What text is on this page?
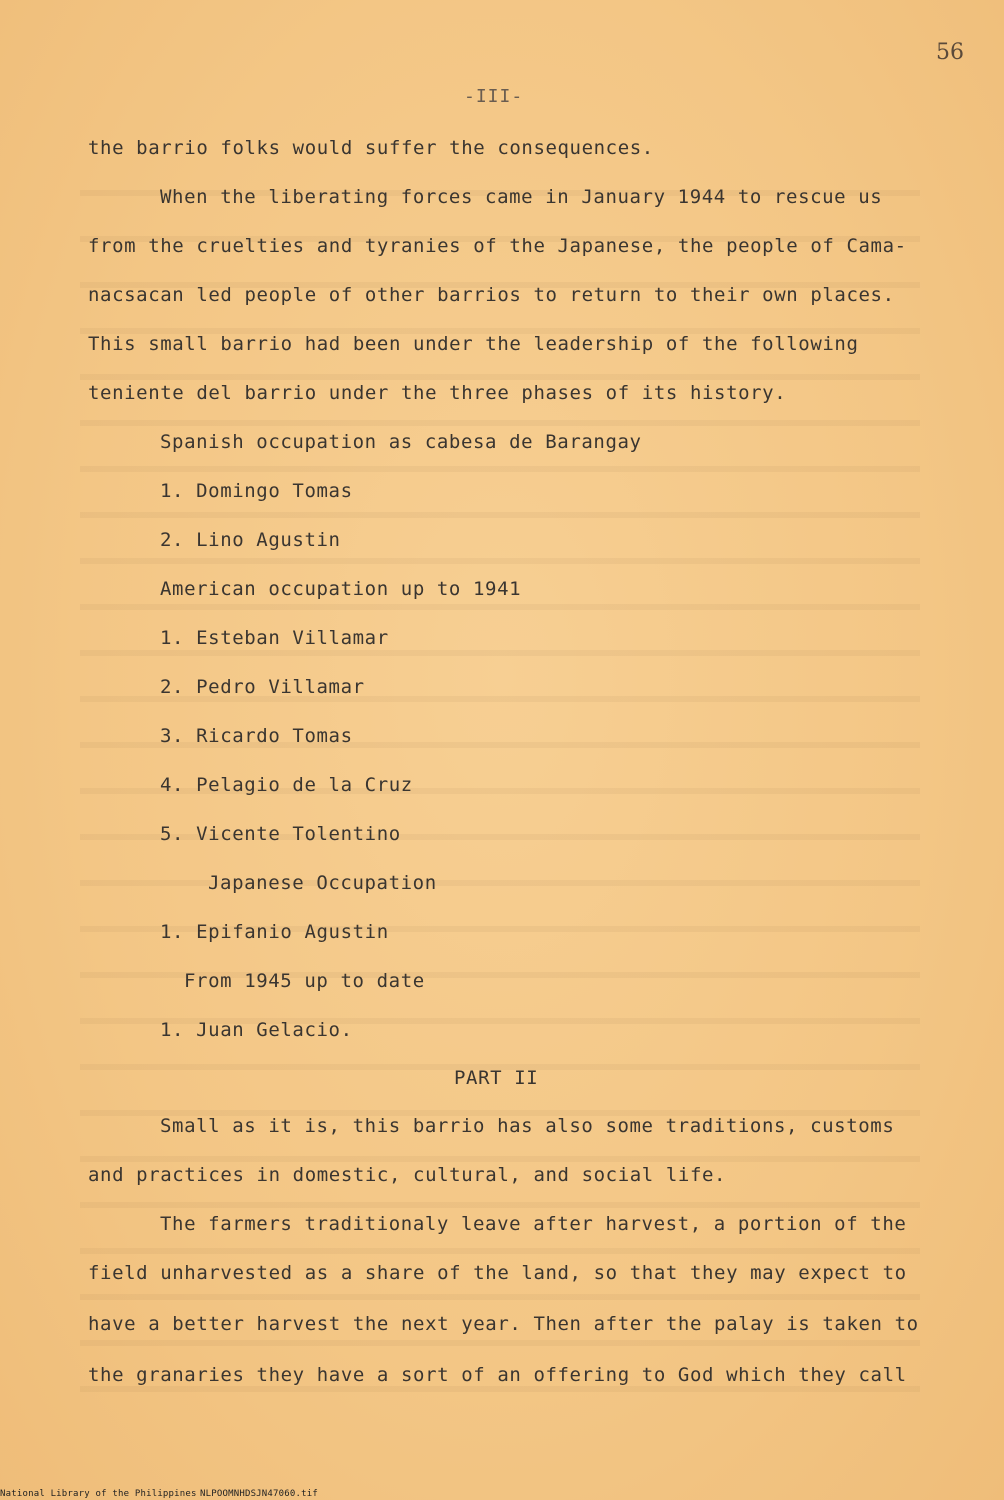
56
-III-
the barrio folks would suffer the consequences.
When the liberating forces came in January 1944 to rescue us
from the cruelties and tyranies of the Japanese, the people of Cama-
nacsacan led people of other barrios to return to their own places.
This small barrio had been under the leadership of the following
teniente del barrio under the three phases of its history.
Spanish occupation as cabesa de Barangay
1. Domingo Tomas
2. Lino Agustin
American occupation up to 1941
1. Esteban Villamar
2. Pedro Villamar
3. Ricardo Tomas
4. Pelagio de la Cruz
5. Vicente Tolentino
Japanese Occupation
1. Epifanio Agustin
From 1945 up to date
1. Juan Gelacio.
PART II
Small as it is, this barrio has also some traditions, customs
and practices in domestic, cultural, and social life.
The farmers traditionaly leave after harvest, a portion of the
field unharvested as a share of the land, so that they may expect to
have a better harvest the next year. Then after the palay is taken to
the granaries they have a sort of an offering to God which they call
National Library of the Philippines NLPOOMNHDSJN47060.tif
